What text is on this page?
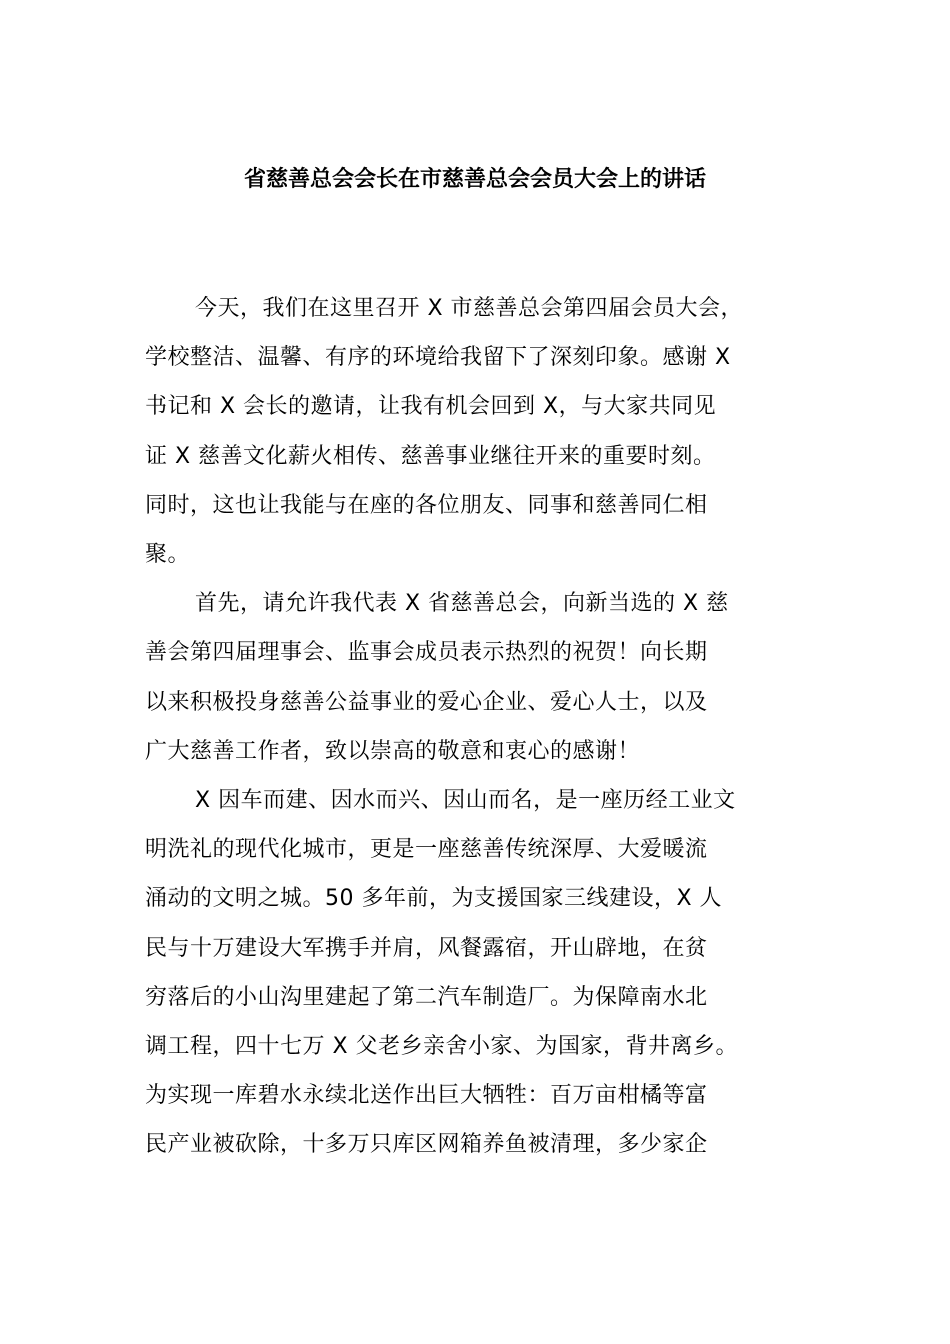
省慈善总会会长在市慈善总会会员大会上的讲话

今天，我们在这里召开 X 市慈善总会第四届会员大会，
学校整洁、温馨、有序的环境给我留下了深刻印象。感谢 X
书记和 X 会长的邀请，让我有机会回到 X，与大家共同见
证 X 慈善文化薪火相传、慈善事业继往开来的重要时刻。
同时，这也让我能与在座的各位朋友、同事和慈善同仁相
聚。

首先，请允许我代表 X 省慈善总会，向新当选的 X 慈
善会第四届理事会、监事会成员表示热烈的祝贺！向长期
以来积极投身慈善公益事业的爱心企业、爱心人士，以及
广大慈善工作者，致以崇高的敬意和衷心的感谢！

X 因车而建、因水而兴、因山而名，是一座历经工业文
明洗礼的现代化城市，更是一座慈善传统深厚、大爱暖流
涌动的文明之城。50 多年前，为支援国家三线建设，X 人
民与十万建设大军携手并肩，风餐露宿，开山辟地，在贫
穷落后的小山沟里建起了第二汽车制造厂。为保障南水北
调工程，四十七万 X 父老乡亲舍小家、为国家，背井离乡。
为实现一库碧水永续北送作出巨大牺牲：百万亩柑橘等富
民产业被砍除，十多万只库区网箱养鱼被清理，多少家企
